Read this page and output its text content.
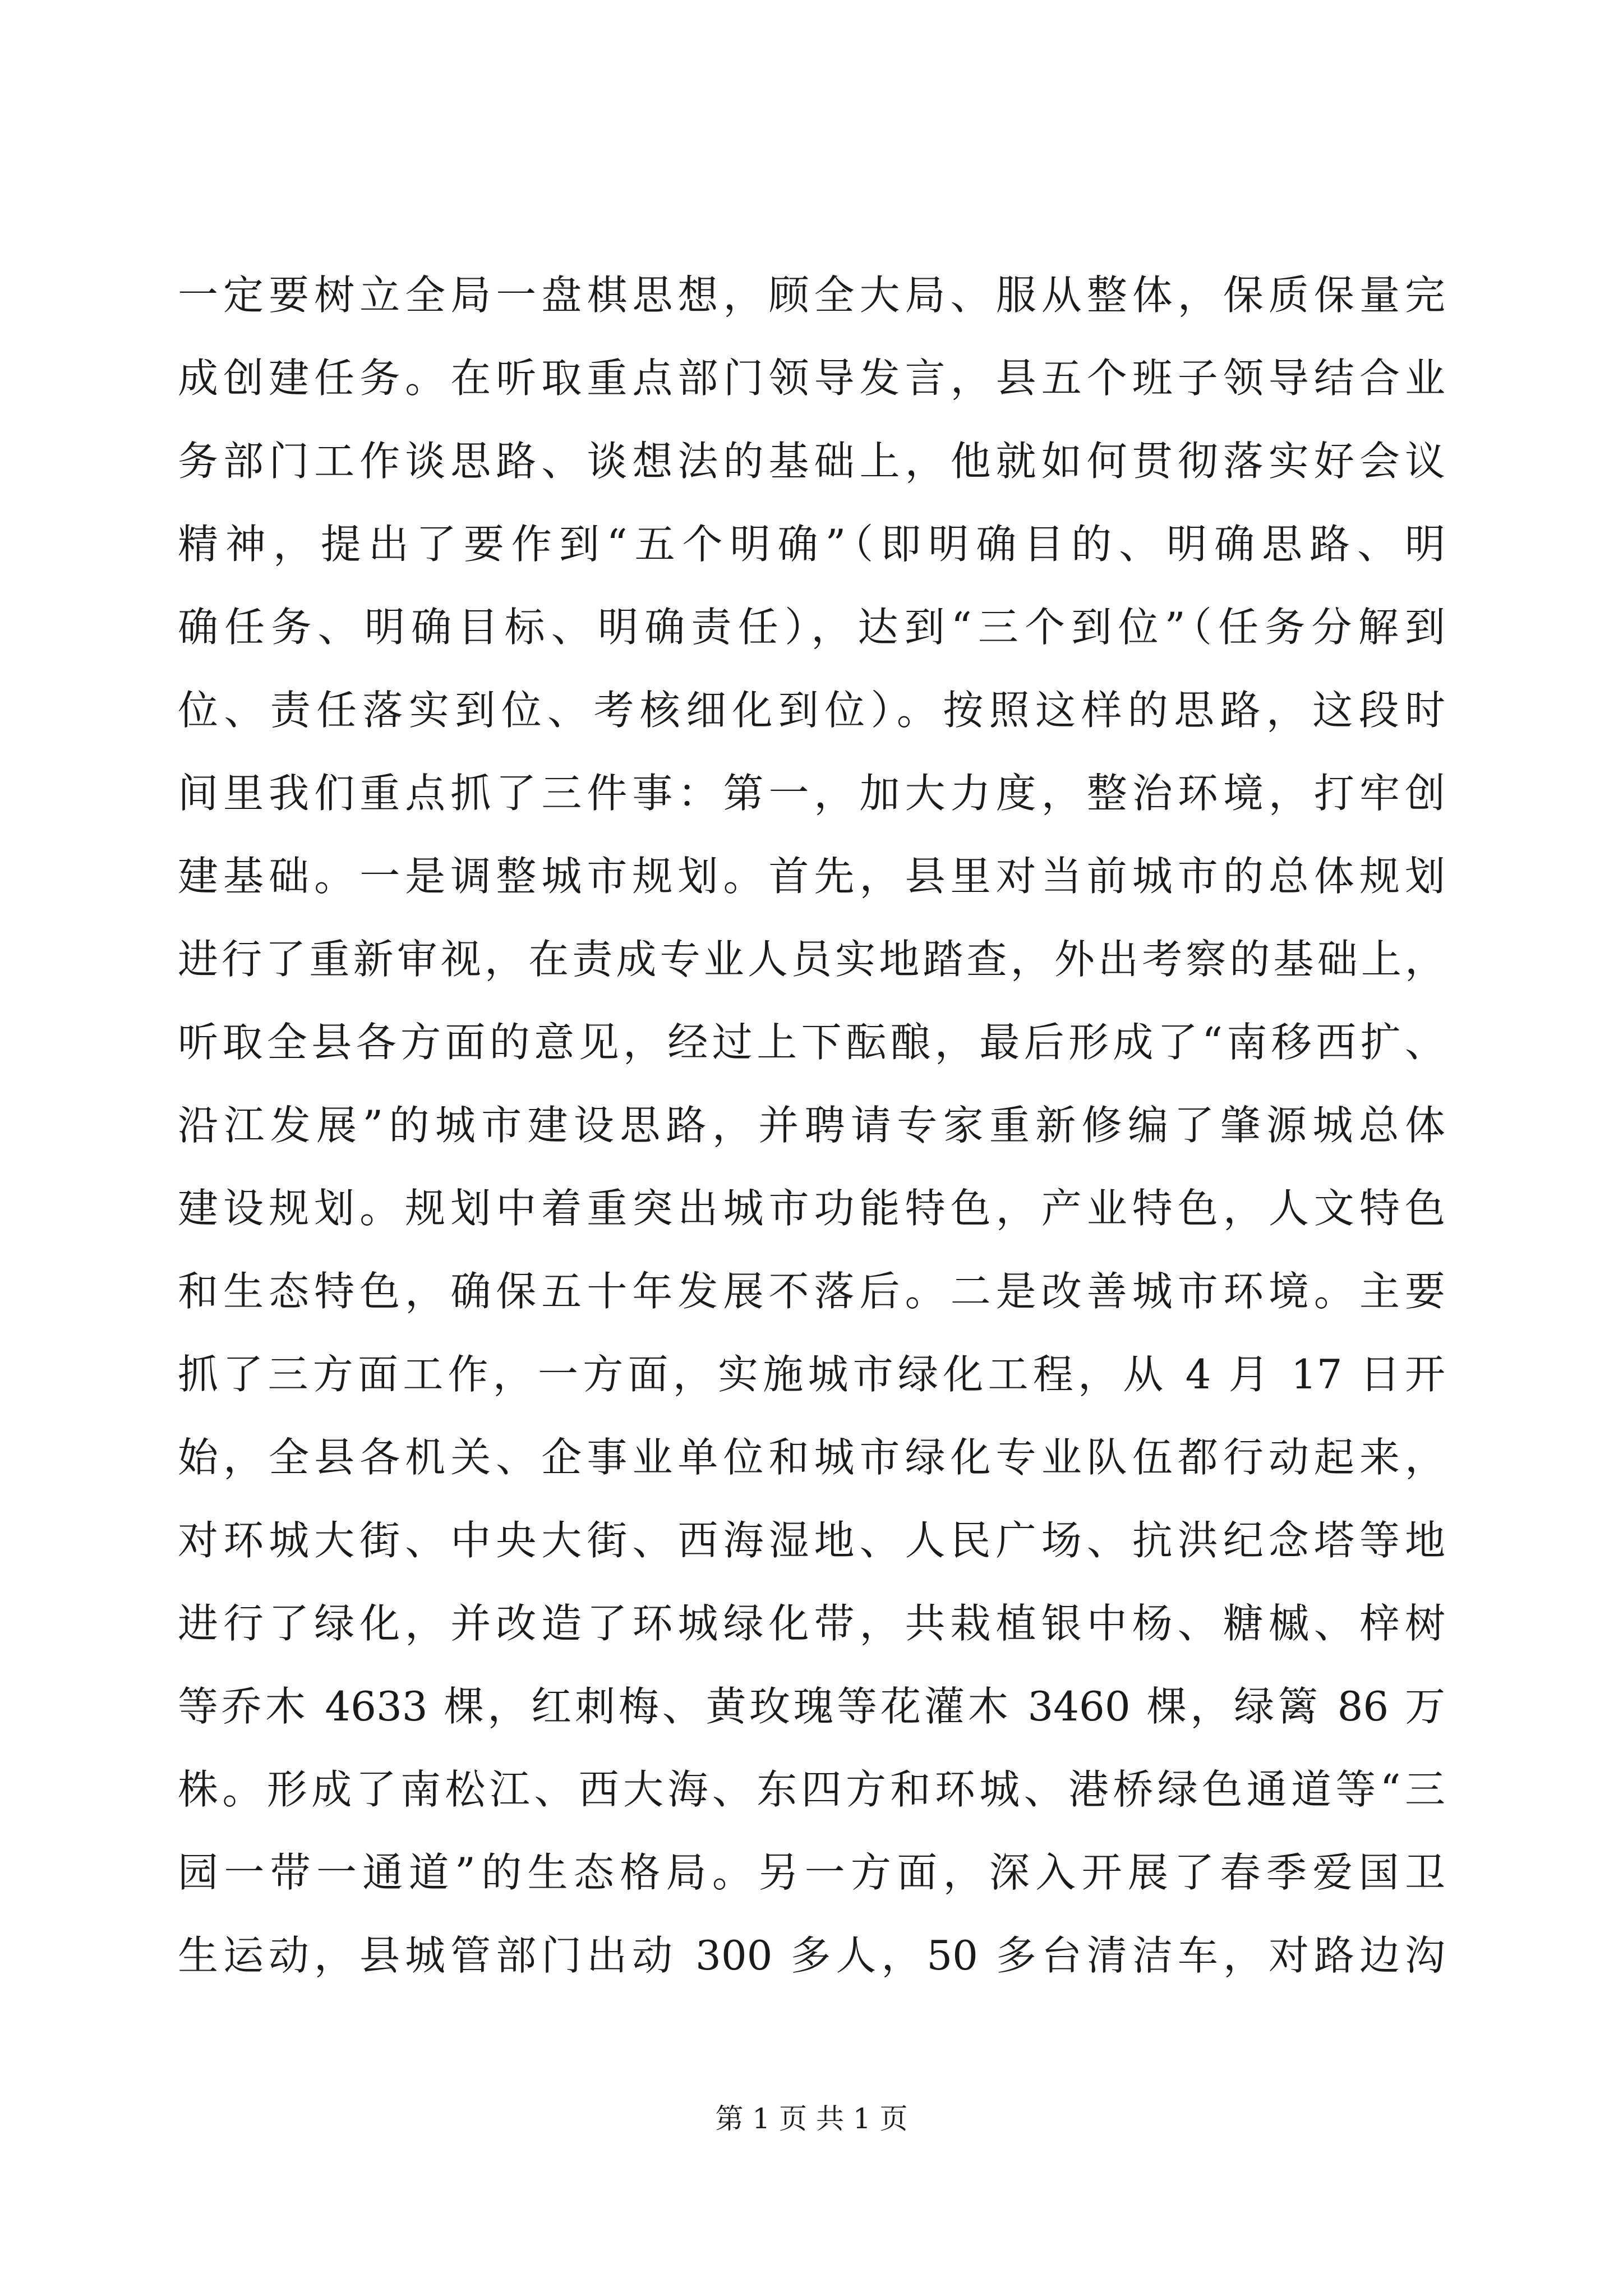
一定要树立全局一盘棋思想，顾全大局、服从整体，保质保量完
成创建任务。在听取重点部门领导发言，县五个班子领导结合业
务部门工作谈思路、谈想法的基础上，他就如何贯彻落实好会议
精神，提出了要作到“五个明确”（即明确目的、明确思路、明
确任务、明确目标、明确责任），达到“三个到位”（任务分解到
位、责任落实到位、考核细化到位）。按照这样的思路，这段时
间里我们重点抓了三件事：第一，加大力度，整治环境，打牢创
建基础。一是调整城市规划。首先，县里对当前城市的总体规划
进行了重新审视，在责成专业人员实地踏查，外出考察的基础上，
听取全县各方面的意见，经过上下酝酿，最后形成了“南移西扩、
沿江发展”的城市建设思路，并聘请专家重新修编了肇源城总体
建设规划。规划中着重突出城市功能特色，产业特色，人文特色
和生态特色，确保五十年发展不落后。二是改善城市环境。主要
抓了三方面工作，一方面，实施城市绿化工程，从 4 月 17 日开
始，全县各机关、企事业单位和城市绿化专业队伍都行动起来，
对环城大街、中央大街、西海湿地、人民广场、抗洪纪念塔等地
进行了绿化，并改造了环城绿化带，共栽植银中杨、糖槭、梓树
等乔木 4633 棵，红刺梅、黄玫瑰等花灌木 3460 棵，绿篱 86 万
株。形成了南松江、西大海、东四方和环城、港桥绿色通道等“三
园一带一通道”的生态格局。另一方面，深入开展了春季爱国卫
生运动，县城管部门出动 300 多人，50 多台清洁车，对路边沟
第 1 页 共 1 页
